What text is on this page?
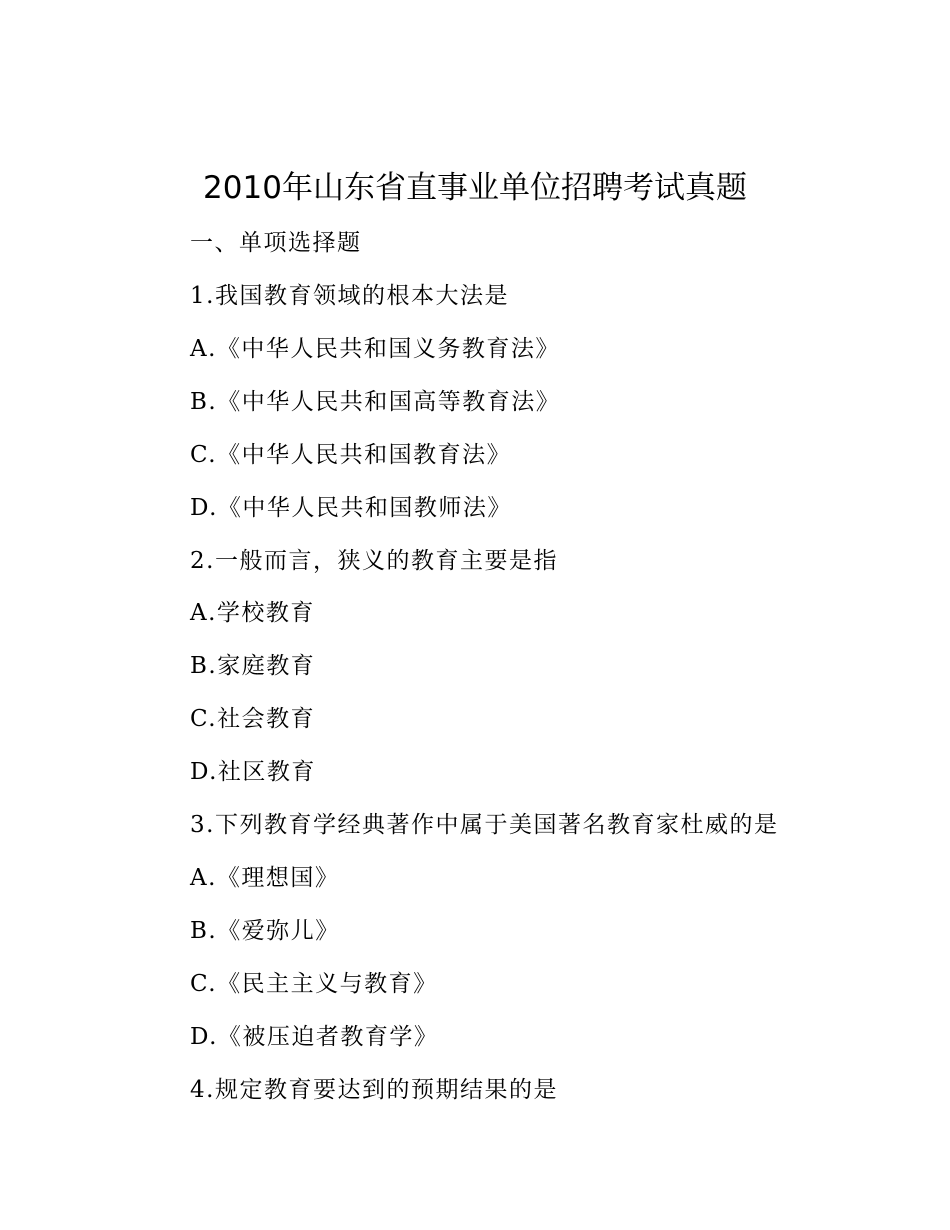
2010年山东省直事业单位招聘考试真题
一、单项选择题
1.我国教育领域的根本大法是
A.《中华人民共和国义务教育法》
B.《中华人民共和国高等教育法》
C.《中华人民共和国教育法》
D.《中华人民共和国教师法》
2.一般而言，狭义的教育主要是指
A.学校教育
B.家庭教育
C.社会教育
D.社区教育
3.下列教育学经典著作中属于美国著名教育家杜威的是
A.《理想国》
B.《爱弥儿》
C.《民主主义与教育》
D.《被压迫者教育学》
4.规定教育要达到的预期结果的是
